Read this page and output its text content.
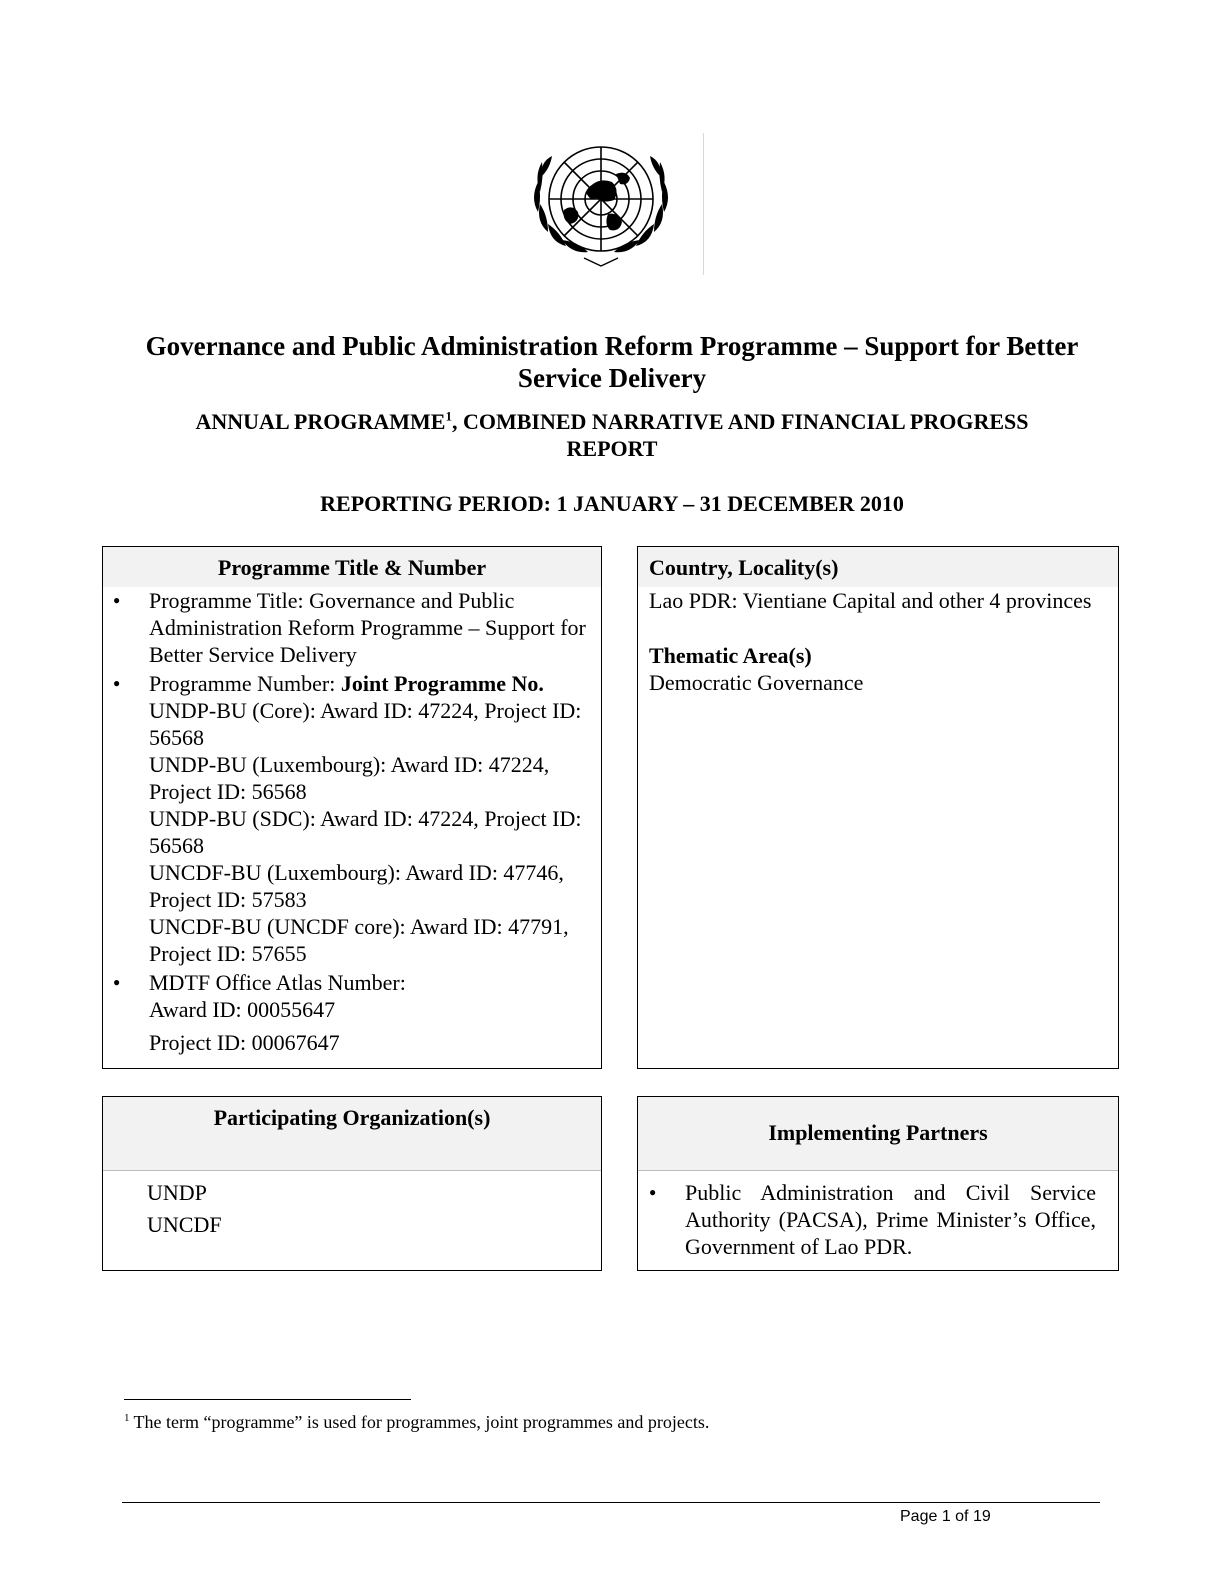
Governance and Public Administration Reform Programme – Support for Better
Service Delivery
ANNUAL PROGRAMME$^1$, COMBINED NARRATIVE AND FINANCIAL PROGRESS
REPORT
REPORTING PERIOD: 1 JANUARY – 31 DECEMBER 2010
Programme Title & Number
● Programme Title: Governance and Public Administration Reform Programme – Support for Better Service Delivery
● Programme Number: Joint Programme No.
UNDP-BU (Core): Award ID: 47224, Project ID: 56568
UNDP-BU (Luxembourg): Award ID: 47224, Project ID: 56568
UNDP-BU (SDC): Award ID: 47224, Project ID: 56568
UNCDF-BU (Luxembourg): Award ID: 47746, Project ID: 57583
UNCDF-BU (UNCDF core): Award ID: 47791, Project ID: 57655
● MDTF Office Atlas Number:
Award ID: 00055647
Project ID: 00067647
Country, Locality(s)
Lao PDR: Vientiane Capital and other 4 provinces
Thematic Area(s)
Democratic Governance
Participating Organization(s)
UNDP
UNCDF
Implementing Partners
● Public Administration and Civil Service Authority (PACSA), Prime Minister’s Office, Government of Lao PDR.
$^1$ The term “programme” is used for programmes, joint programmes and projects.
Page 1 of 19
